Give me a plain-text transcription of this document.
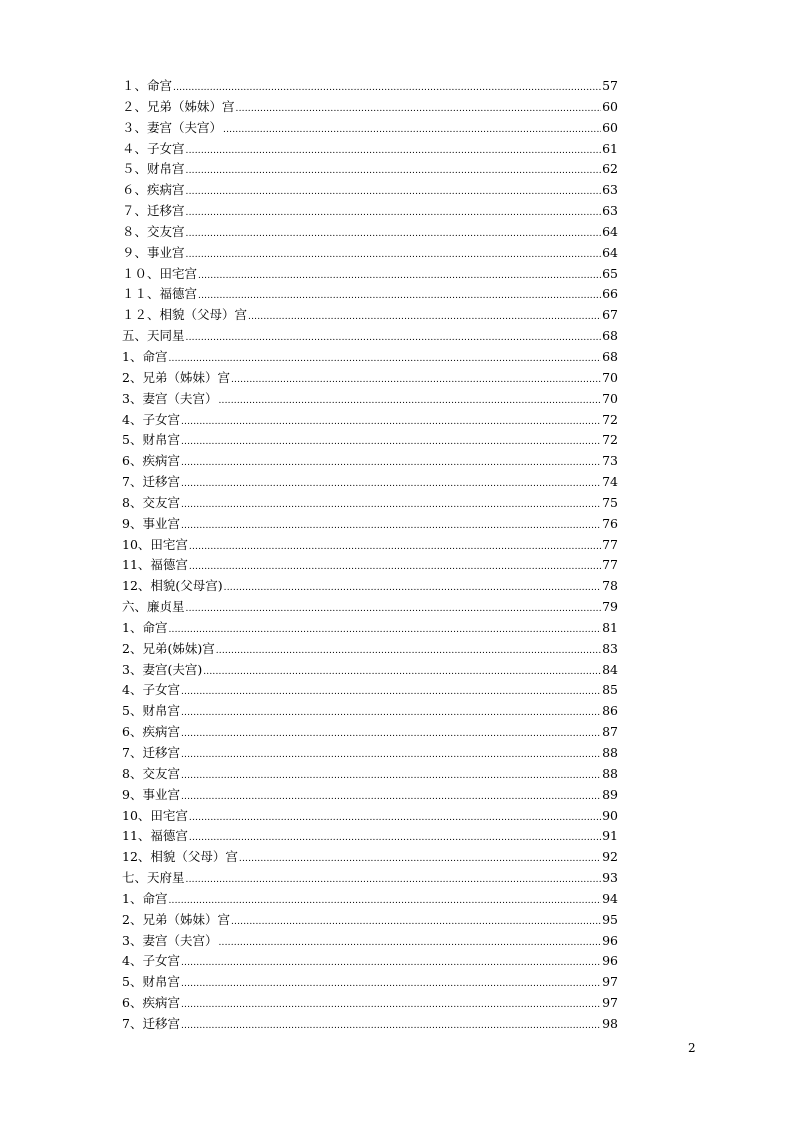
１、命宫 .....	57
２、兄弟（姊妹）宫 .....	60
３、妻宫（夫宫） .....	60
４、子女宫 .....	61
５、财帛宫 .....	62
６、疾病宫 .....	63
７、迁移宫 .....	63
８、交友宫 .....	64
９、事业宫 .....	64
１０、田宅宫 .....	65
１１、福德宫 .....	66
１２、相貌（父母）宫 .....	67
五、天同星 .....	68
1、命宫 .....	68
2、兄弟（姊妹）宫 .....	70
3、妻宫（夫宫） .....	70
4、子女宫 .....	72
5、财帛宫 .....	72
6、疾病宫 .....	73
7、迁移宫 .....	74
8、交友宫 .....	75
9、事业宫 .....	76
10、田宅宫 .....	77
11、福德宫 .....	77
12、相貌(父母宫) .....	78
六、廉贞星 .....	79
1、命宫 .....	81
2、兄弟(姊妹)宫 .....	83
3、妻宫(夫宫) .....	84
4、子女宫 .....	85
5、财帛宫 .....	86
6、疾病宫 .....	87
7、迁移宫 .....	88
8、交友宫 .....	88
9、事业宫 .....	89
10、田宅宫 .....	90
11、福德宫 .....	91
12、相貌（父母）宫 .....	92
七、天府星 .....	93
1、命宫 .....	94
2、兄弟（姊妹）宫 .....	95
3、妻宫（夫宫） .....	96
4、子女宫 .....	96
5、财帛宫 .....	97
6、疾病宫 .....	97
7、迁移宫 .....	98
2
